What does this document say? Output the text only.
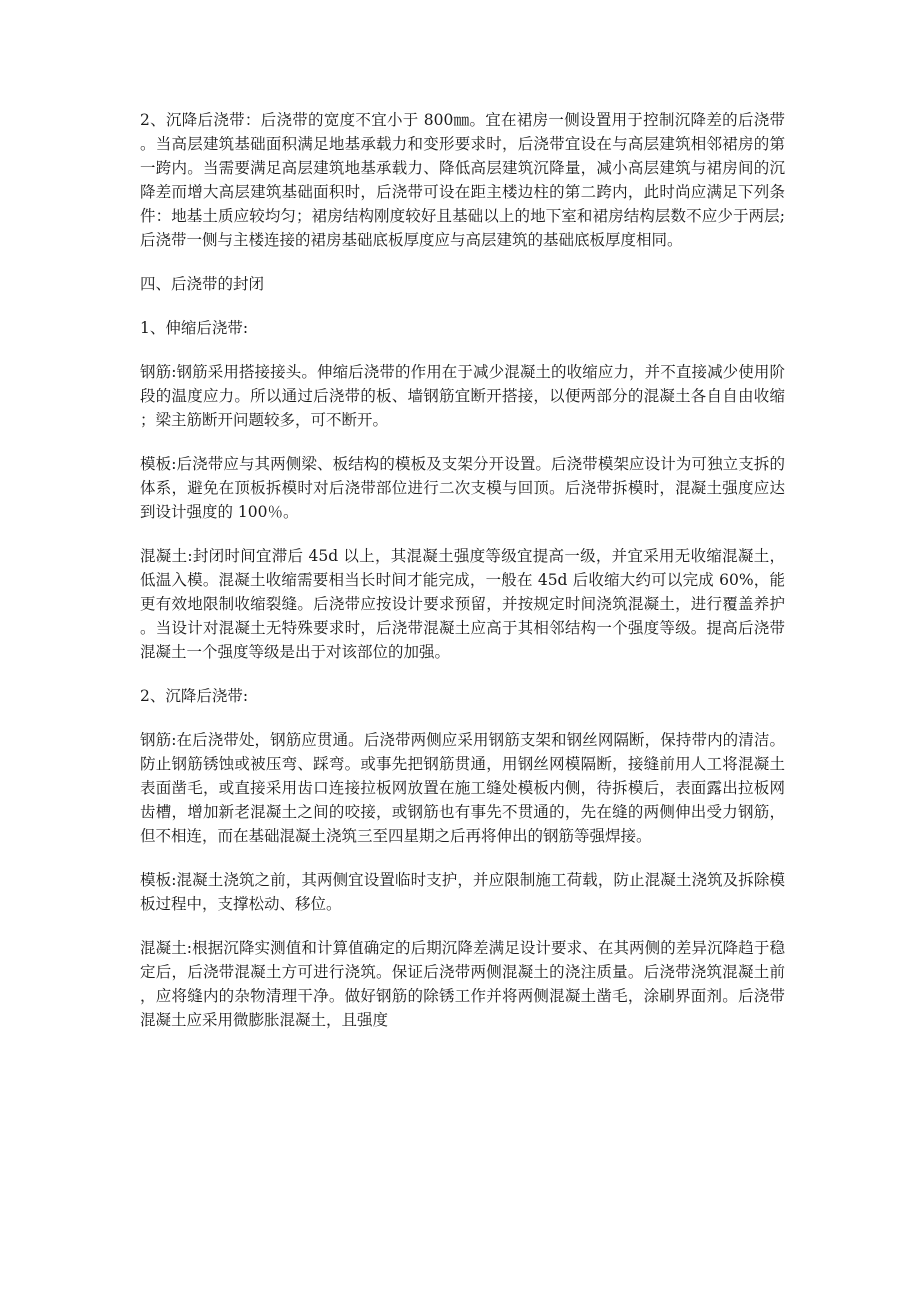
2、沉降后浇带：后浇带的宽度不宜小于 800㎜。宜在裙房一侧设置用于控制沉降差的后浇带。当高层建筑基础面积满足地基承载力和变形要求时，后浇带宜设在与高层建筑相邻裙房的第一跨内。当需要满足高层建筑地基承载力、降低高层建筑沉降量，减小高层建筑与裙房间的沉降差而增大高层建筑基础面积时，后浇带可设在距主楼边柱的第二跨内，此时尚应满足下列条件：地基土质应较均匀；裙房结构刚度较好且基础以上的地下室和裙房结构层数不应少于两层;后浇带一侧与主楼连接的裙房基础底板厚度应与高层建筑的基础底板厚度相同。

四、后浇带的封闭

1、伸缩后浇带:

钢筋:钢筋采用搭接接头。伸缩后浇带的作用在于减少混凝土的收缩应力，并不直接减少使用阶段的温度应力。所以通过后浇带的板、墙钢筋宜断开搭接，以便两部分的混凝土各自自由收缩；梁主筋断开问题较多，可不断开。

模板:后浇带应与其两侧梁、板结构的模板及支架分开设置。后浇带模架应设计为可独立支拆的体系，避免在顶板拆模时对后浇带部位进行二次支模与回顶。后浇带拆模时，混凝土强度应达到设计强度的 100％。

混凝土:封闭时间宜滞后 45d 以上，其混凝土强度等级宜提高一级，并宜采用无收缩混凝土，低温入模。混凝土收缩需要相当长时间才能完成，一般在 45d 后收缩大约可以完成 60%，能更有效地限制收缩裂缝。后浇带应按设计要求预留，并按规定时间浇筑混凝土，进行覆盖养护。当设计对混凝土无特殊要求时，后浇带混凝土应高于其相邻结构一个强度等级。提高后浇带混凝土一个强度等级是出于对该部位的加强。

2、沉降后浇带:

钢筋:在后浇带处，钢筋应贯通。后浇带两侧应采用钢筋支架和钢丝网隔断，保持带内的清洁。防止钢筋锈蚀或被压弯、踩弯。或事先把钢筋贯通，用钢丝网模隔断，接缝前用人工将混凝土表面凿毛，或直接采用齿口连接拉板网放置在施工缝处模板内侧，待拆模后，表面露出拉板网齿槽，增加新老混凝土之间的咬接，或钢筋也有事先不贯通的，先在缝的两侧伸出受力钢筋，但不相连，而在基础混凝土浇筑三至四星期之后再将伸出的钢筋等强焊接。

模板:混凝土浇筑之前，其两侧宜设置临时支护，并应限制施工荷载，防止混凝土浇筑及拆除模板过程中，支撑松动、移位。

混凝土:根据沉降实测值和计算值确定的后期沉降差满足设计要求、在其两侧的差异沉降趋于稳定后，后浇带混凝土方可进行浇筑。保证后浇带两侧混凝土的浇注质量。后浇带浇筑混凝土前，应将缝内的杂物清理干净。做好钢筋的除锈工作并将两侧混凝土凿毛，涂刷界面剂。后浇带混凝土应采用微膨胀混凝土，且强度
